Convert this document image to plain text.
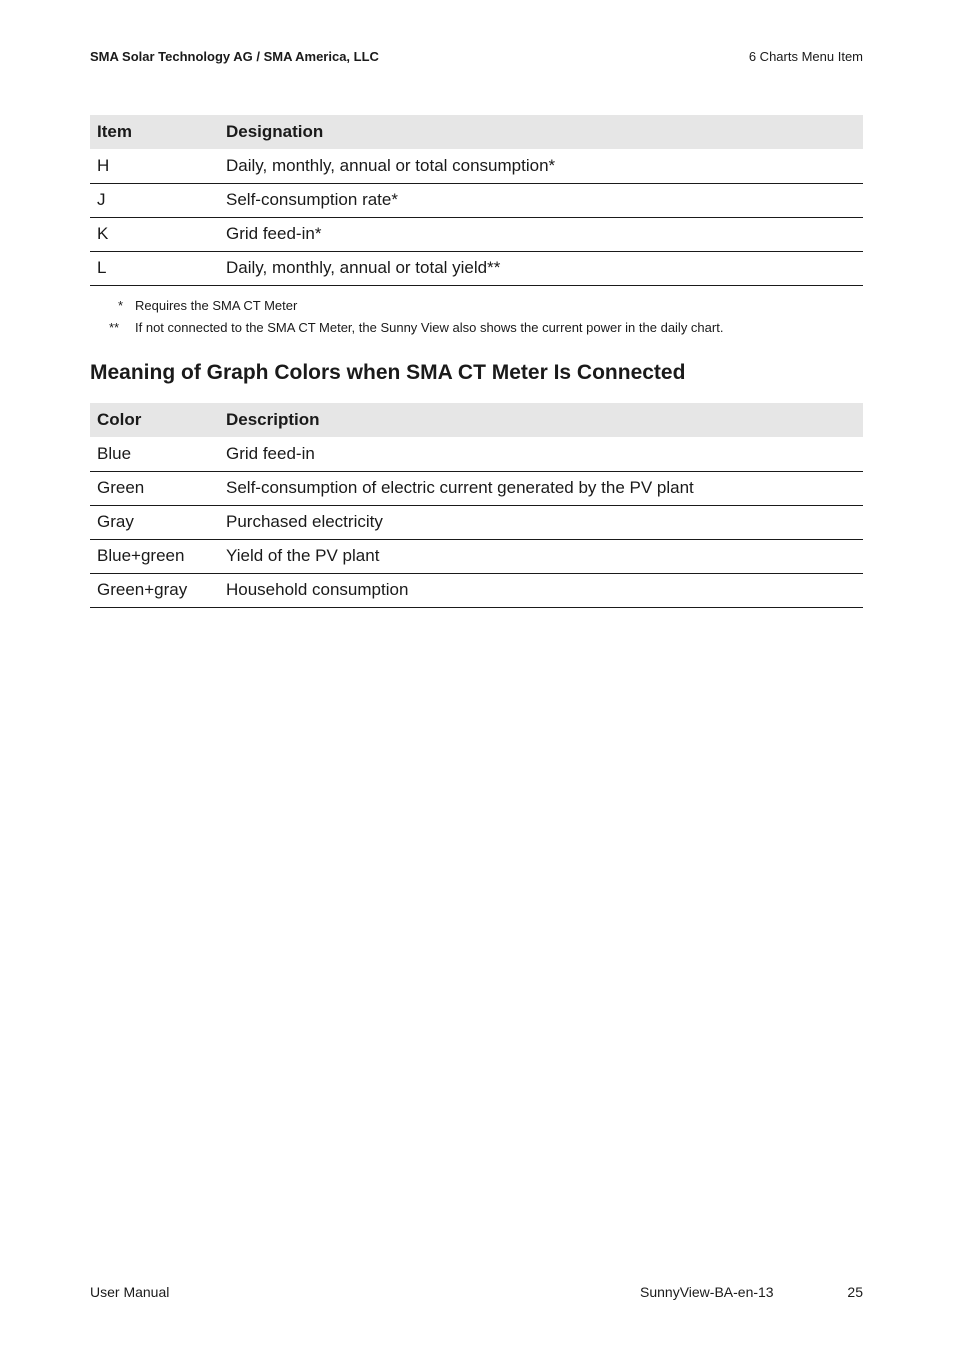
SMA Solar Technology AG / SMA America, LLC	6 Charts Menu Item
Item	Designation
H	Daily, monthly, annual or total consumption*
J	Self-consumption rate*
K	Grid feed-in*
L	Daily, monthly, annual or total yield**
* Requires the SMA CT Meter
** If not connected to the SMA CT Meter, the Sunny View also shows the current power in the daily chart.
Meaning of Graph Colors when SMA CT Meter Is Connected
Color	Description
Blue	Grid feed-in
Green	Self-consumption of electric current generated by the PV plant
Gray	Purchased electricity
Blue+green	Yield of the PV plant
Green+gray	Household consumption
User Manual	SunnyView-BA-en-13	25
